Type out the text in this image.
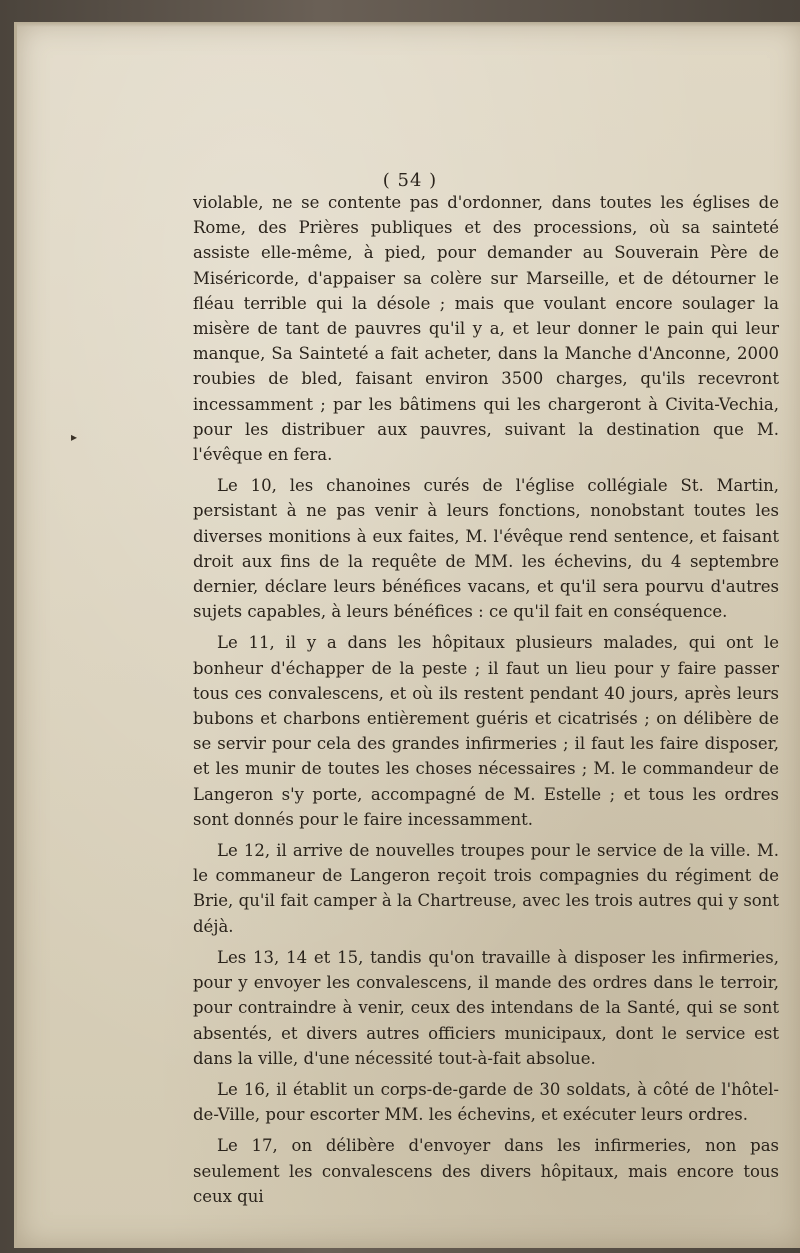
▸
( 54 )

violable, ne se contente pas d'ordonner, dans toutes les églises de Rome, des Prières publiques et des processions, où sa sainteté assiste elle-même, à pied, pour demander au Souverain Père de Miséricorde, d'appaiser sa colère sur Marseille, et de détourner le fléau terrible qui la désole ; mais que voulant encore soulager la misère de tant de pauvres qu'il y a, et leur donner le pain qui leur manque, Sa Sainteté a fait acheter, dans la Manche d'Anconne, 2000 roubies de bled, faisant environ 3500 charges, qu'ils recevront incessamment ; par les bâtimens qui les chargeront à Civita-Vechia, pour les distribuer aux pauvres, suivant la destination que M. l'évêque en fera.

Le 10, les chanoines curés de l'église collégiale St. Martin, persistant à ne pas venir à leurs fonctions, nonobstant toutes les diverses monitions à eux faites, M. l'évêque rend sentence, et faisant droit aux fins de la requête de MM. les échevins, du 4 septembre dernier, déclare leurs bénéfices vacans, et qu'il sera pourvu d'autres sujets capables, à leurs bénéfices : ce qu'il fait en conséquence.

Le 11, il y a dans les hôpitaux plusieurs malades, qui ont le bonheur d'échapper de la peste ; il faut un lieu pour y faire passer tous ces convalescens, et où ils restent pendant 40 jours, après leurs bubons et charbons entièrement guéris et cicatrisés ; on délibère de se servir pour cela des grandes infirmeries ; il faut les faire disposer, et les munir de toutes les choses nécessaires ; M. le commandeur de Langeron s'y porte, accompagné de M. Estelle ; et tous les ordres sont donnés pour le faire incessamment.

Le 12, il arrive de nouvelles troupes pour le service de la ville. M. le commaneur de Langeron reçoit trois compagnies du régiment de Brie, qu'il fait camper à la Chartreuse, avec les trois autres qui y sont déjà.

Les 13, 14 et 15, tandis qu'on travaille à disposer les infirmeries, pour y envoyer les convalescens, il mande des ordres dans le terroir, pour contraindre à venir, ceux des intendans de la Santé, qui se sont absentés, et divers autres officiers municipaux, dont le service est dans la ville, d'une nécessité tout-à-fait absolue.

Le 16, il établit un corps-de-garde de 30 soldats, à côté de l'hôtel-de-Ville, pour escorter MM. les échevins, et exécuter leurs ordres.

Le 17, on délibère d'envoyer dans les infirmeries, non pas seulement les convalescens des divers hôpitaux, mais encore tous ceux qui
